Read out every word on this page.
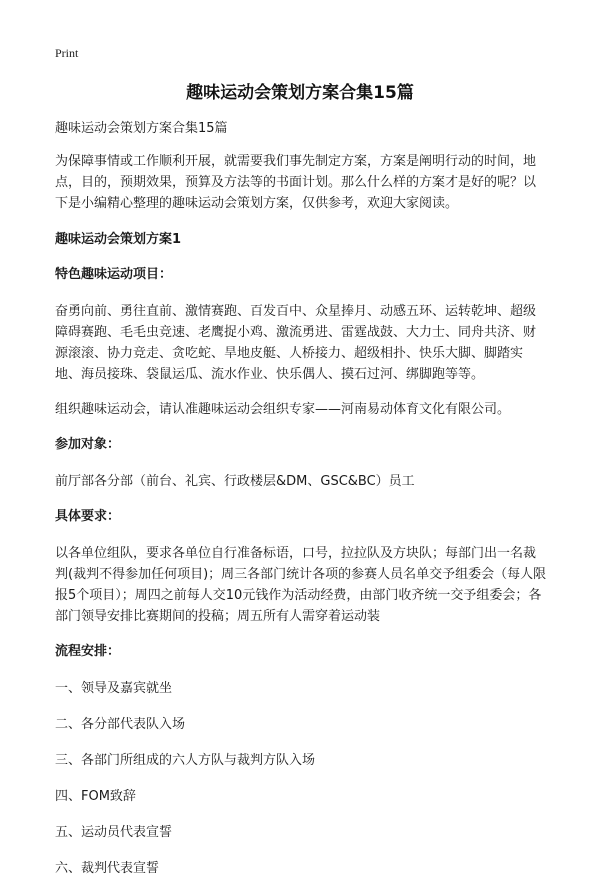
Print
趣味运动会策划方案合集15篇

趣味运动会策划方案合集15篇

为保障事情或工作顺利开展，就需要我们事先制定方案，方案是阐明行动的时间，地点，目的，预期效果，预算及方法等的书面计划。那么什么样的方案才是好的呢？以下是小编精心整理的趣味运动会策划方案，仅供参考，欢迎大家阅读。

趣味运动会策划方案1

特色趣味运动项目：

奋勇向前、勇往直前、激情赛跑、百发百中、众星捧月、动感五环、运转乾坤、超级障碍赛跑、毛毛虫竞速、老鹰捉小鸡、激流勇进、雷霆战鼓、大力士、同舟共济、财源滚滚、协力竞走、贪吃蛇、旱地皮艇、人桥接力、超级相扑、快乐大脚、脚踏实地、海员接珠、袋鼠运瓜、流水作业、快乐偶人、摸石过河、绑脚跑等等。

组织趣味运动会，请认准趣味运动会组织专家——河南易动体育文化有限公司。

参加对象：

前厅部各分部（前台、礼宾、行政楼层&DM、GSC&BC）员工

具体要求：

以各单位组队，要求各单位自行准备标语，口号，拉拉队及方块队；每部门出一名裁判(裁判不得参加任何项目)；周三各部门统计各项的参赛人员名单交予组委会（每人限报5个项目）；周四之前每人交10元钱作为活动经费，由部门收齐统一交予组委会；各部门领导安排比赛期间的投稿；周五所有人需穿着运动装

流程安排：

一、领导及嘉宾就坐

二、各分部代表队入场

三、各部门所组成的六人方队与裁判方队入场

四、FOM致辞

五、运动员代表宣誓

六、裁判代表宣誓
